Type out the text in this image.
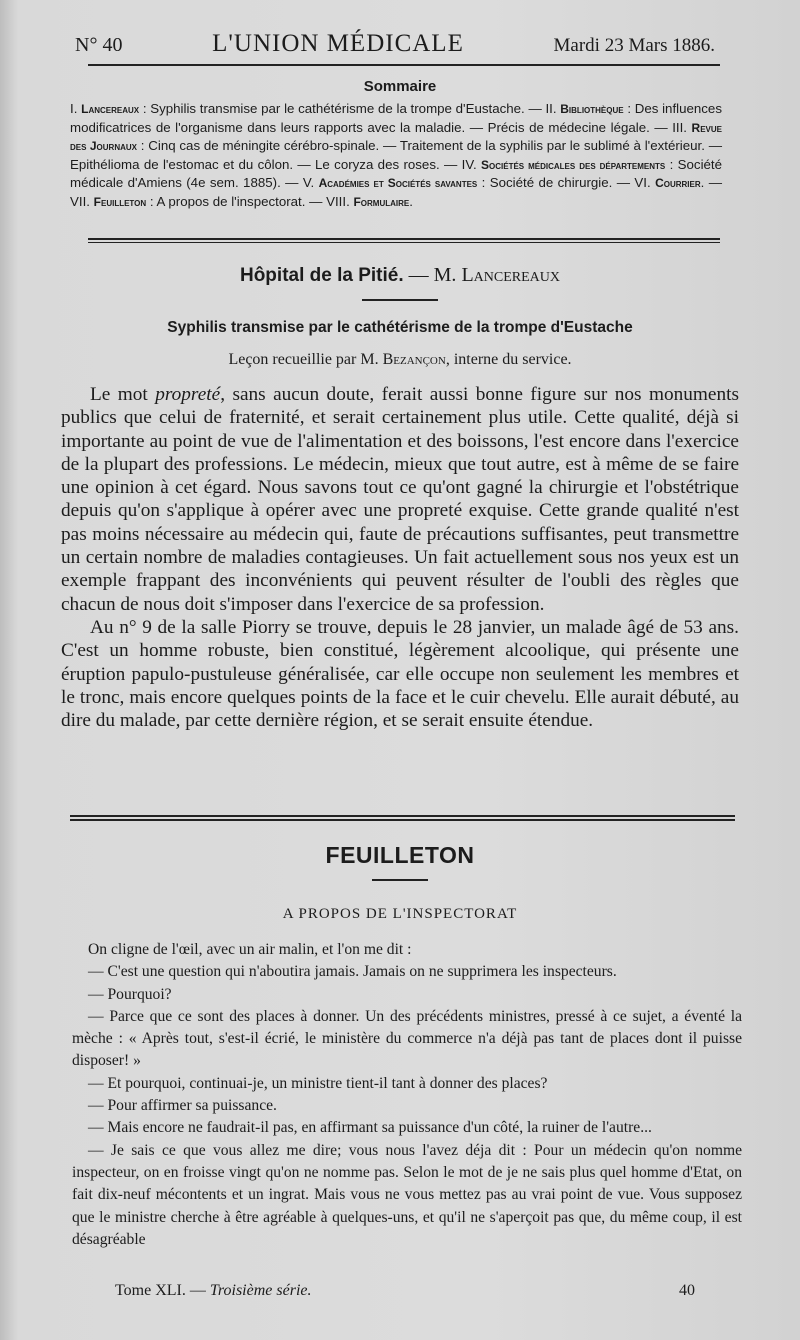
N° 40	L'UNION MÉDICALE	Mardi 23 Mars 1886.
Sommaire
I. Lancereaux : Syphilis transmise par le cathétérisme de la trompe d'Eustache. — II. Bibliothèque : Des influences modificatrices de l'organisme dans leurs rapports avec la maladie. — Précis de médecine légale. — III. Revue des Journaux : Cinq cas de méningite cérébro-spinale. — Traitement de la syphilis par le sublimé à l'extérieur. — Epithélioma de l'estomac et du côlon. — Le coryza des roses. — IV. Sociétés médicales des départements : Société médicale d'Amiens (4e sem. 1885). — V. Académies et Sociétés savantes : Société de chirurgie. — VI. Courrier. — VII. Feuilleton : A propos de l'inspectorat. — VIII. Formulaire.
Hôpital de la Pitié. — M. Lancereaux
Syphilis transmise par le cathétérisme de la trompe d'Eustache
Leçon recueillie par M. Bezançon, interne du service.

Le mot propreté, sans aucun doute, ferait aussi bonne figure sur nos monuments publics que celui de fraternité, et serait certainement plus utile. Cette qualité, déjà si importante au point de vue de l'alimentation et des boissons, l'est encore dans l'exercice de la plupart des professions. Le médecin, mieux que tout autre, est à même de se faire une opinion à cet égard. Nous savons tout ce qu'ont gagné la chirurgie et l'obstétrique depuis qu'on s'applique à opérer avec une propreté exquise. Cette grande qualité n'est pas moins nécessaire au médecin qui, faute de précautions suffisantes, peut transmettre un certain nombre de maladies contagieuses. Un fait actuellement sous nos yeux est un exemple frappant des inconvénients qui peuvent résulter de l'oubli des règles que chacun de nous doit s'imposer dans l'exercice de sa profession.

Au n° 9 de la salle Piorry se trouve, depuis le 28 janvier, un malade âgé de 53 ans. C'est un homme robuste, bien constitué, légèrement alcoolique, qui présente une éruption papulo-pustuleuse généralisée, car elle occupe non seulement les membres et le tronc, mais encore quelques points de la face et le cuir chevelu. Elle aurait débuté, au dire du malade, par cette dernière région, et se serait ensuite étendue.

FEUILLETON
A PROPOS DE L'INSPECTORAT

On cligne de l'œil, avec un air malin, et l'on me dit :

— C'est une question qui n'aboutira jamais. Jamais on ne supprimera les inspecteurs.

— Pourquoi?

— Parce que ce sont des places à donner. Un des précédents ministres, pressé à ce sujet, a éventé la mèche : « Après tout, s'est-il écrié, le ministère du commerce n'a déjà pas tant de places dont il puisse disposer! »

— Et pourquoi, continuai-je, un ministre tient-il tant à donner des places?

— Pour affirmer sa puissance.

— Mais encore ne faudrait-il pas, en affirmant sa puissance d'un côté, la ruiner de l'autre...

— Je sais ce que vous allez me dire; vous nous l'avez déja dit : Pour un médecin qu'on nomme inspecteur, on en froisse vingt qu'on ne nomme pas. Selon le mot de je ne sais plus quel homme d'Etat, on fait dix-neuf mécontents et un ingrat. Mais vous ne vous mettez pas au vrai point de vue. Vous supposez que le ministre cherche à être agréable à quelques-uns, et qu'il ne s'aperçoit pas que, du même coup, il est désagréable

Tome XLI. — Troisième série.	40
